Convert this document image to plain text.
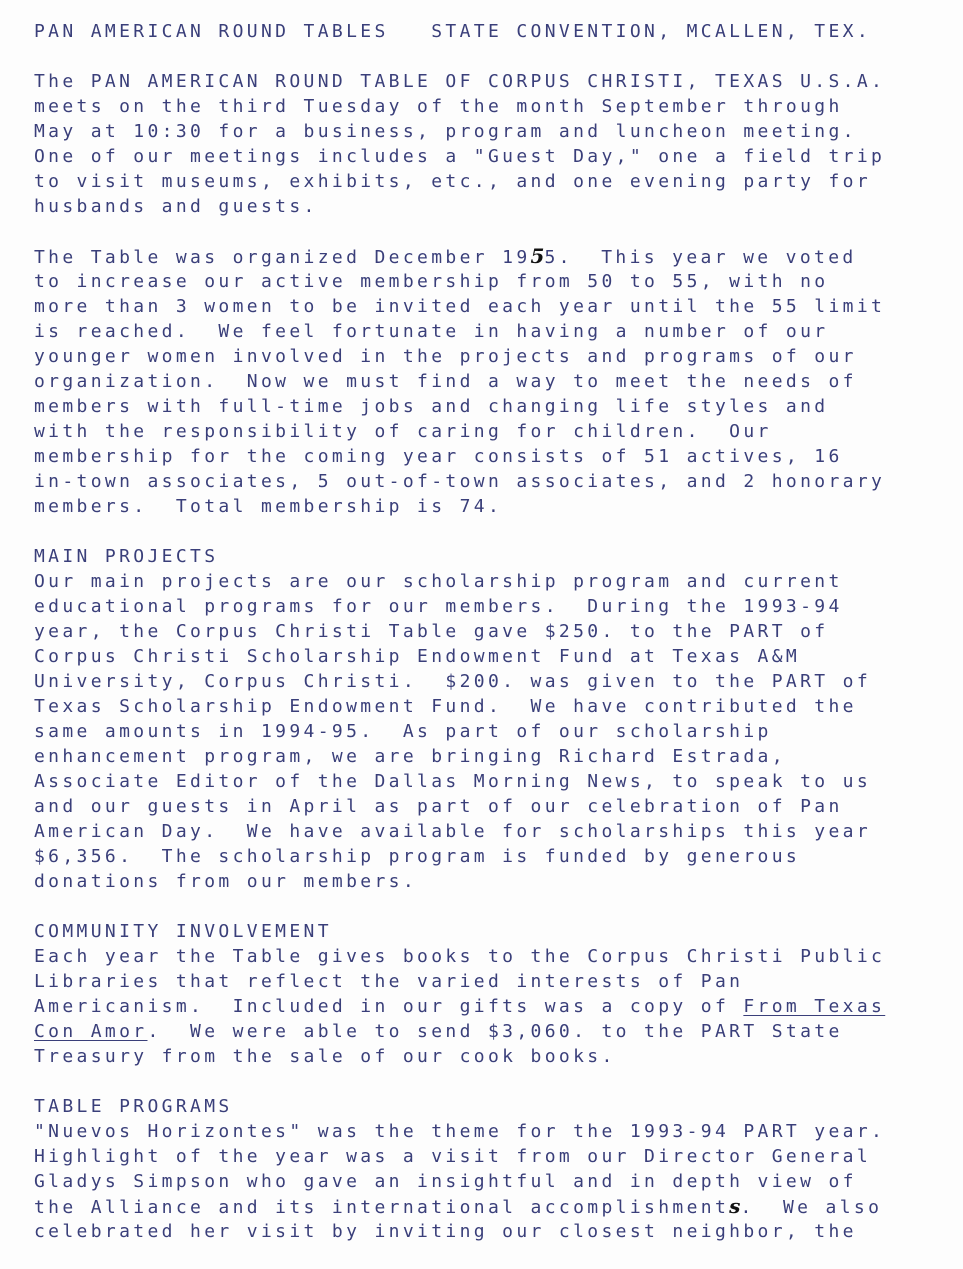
PAN AMERICAN ROUND TABLES STATE CONVENTION, MCALLEN, TEX.

The PAN AMERICAN ROUND TABLE OF CORPUS CHRISTI, TEXAS U.S.A.

meets on the third Tuesday of the month September through

May at 10:30 for a business, program and luncheon meeting.

One of our meetings includes a "Guest Day," one a field trip

to visit museums, exhibits, etc., and one evening party for

husbands and guests.

The Table was organized December 1955.  This year we voted

to increase our active membership from 50 to 55, with no

more than 3 women to be invited each year until the 55 limit

is reached.  We feel fortunate in having a number of our

younger women involved in the projects and programs of our

organization.  Now we must find a way to meet the needs of

members with full-time jobs and changing life styles and

with the responsibility of caring for children.  Our

membership for the coming year consists of 51 actives, 16

in-town associates, 5 out-of-town associates, and 2 honorary

members.  Total membership is 74.

MAIN PROJECTS

Our main projects are our scholarship program and current

educational programs for our members.  During the 1993-94

year, the Corpus Christi Table gave $250. to the PART of

Corpus Christi Scholarship Endowment Fund at Texas A&M

University, Corpus Christi.  $200. was given to the PART of

Texas Scholarship Endowment Fund.  We have contributed the

same amounts in 1994-95.  As part of our scholarship

enhancement program, we are bringing Richard Estrada,

Associate Editor of the Dallas Morning News, to speak to us

and our guests in April as part of our celebration of Pan

American Day.  We have available for scholarships this year

$6,356.  The scholarship program is funded by generous

donations from our members.

COMMUNITY INVOLVEMENT

Each year the Table gives books to the Corpus Christi Public

Libraries that reflect the varied interests of Pan

Americanism.  Included in our gifts was a copy of From Texas

Con Amor.  We were able to send $3,060. to the PART State

Treasury from the sale of our cook books.

TABLE PROGRAMS

"Nuevos Horizontes" was the theme for the 1993-94 PART year.

Highlight of the year was a visit from our Director General

Gladys Simpson who gave an insightful and in depth view of

the Alliance and its international accomplishments.  We also

celebrated her visit by inviting our closest neighbor, the
